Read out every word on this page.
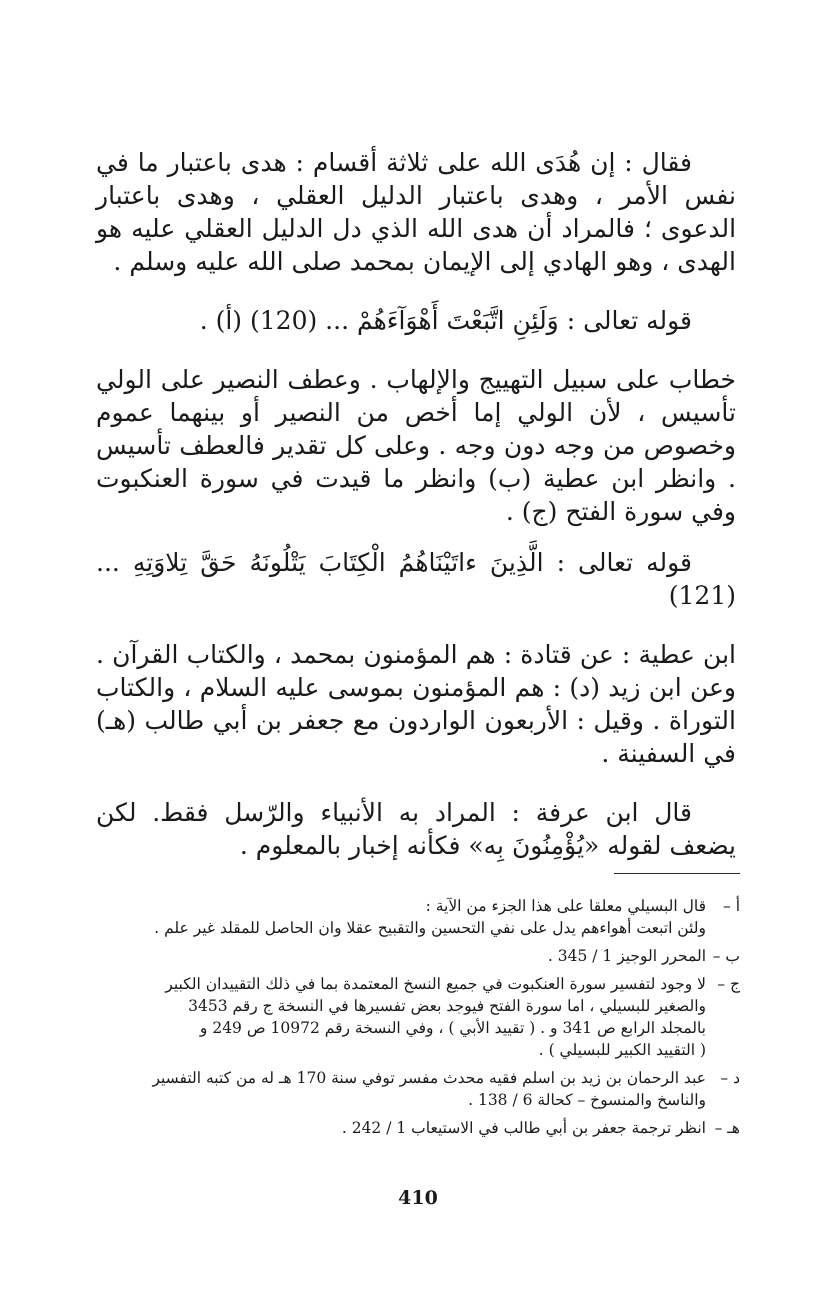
فقال : إن هُدَى الله على ثلاثة أقسام : هدى باعتبار ما في نفس الأمر ، وهدى باعتبار الدليل العقلي ، وهدى باعتبار الدعوى ؛ فالمراد أن هدى الله الذي دل الدليل العقلي عليه هو الهدى ، وهو الهادي إلى الإيمان بمحمد صلى الله عليه وسلم .

قوله تعالى : وَلَئِنِ اتَّبَعْتَ أَهْوَآءَهُمْ ... (120) (أ) .

خطاب على سبيل التهييج والإلهاب . وعطف النصير على الولي تأسيس ، لأن الولي إما أخص من النصير أو بينهما عموم وخصوص من وجه دون وجه . وعلى كل تقدير فالعطف تأسيس . وانظر ابن عطية (ب) وانظر ما قيدت في سورة العنكبوت وفي سورة الفتح (ج) .

قوله تعالى : الَّذِينَ ءاتَيْنَاهُمُ الْكِتَابَ يَتْلُونَهُ حَقَّ تِلاوَتِهِ ... (121)

ابن عطية : عن قتادة : هم المؤمنون بمحمد ، والكتاب القرآن . وعن ابن زيد (د) : هم المؤمنون بموسى عليه السلام ، والكتاب التوراة . وقيل : الأربعون الواردون مع جعفر بن أبي طالب (هـ) في السفينة .

قال ابن عرفة : المراد به الأنبياء والرّسل فقط. لكن يضعف لقوله «يُؤْمِنُونَ بِه» فكأنه إخبار بالمعلوم .

أ –
قال البسيلي معلقا على هذا الجزء من الآية :
ولئن اتبعت أهواءهم يدل على نفي التحسين والتقبيح عقلا وان الحاصل للمقلد غير علم .
ب –
المحرر الوجيز 1 / 345 .
ج –
لا وجود لتفسير سورة العنكبوت في جميع النسخ المعتمدة بما في ذلك التقييدان الكبير
والصغير للبسيلي ، اما سورة الفتح فيوجد بعض تفسيرها في النسخة ج رقم 3453
بالمجلد الرابع ص 341 و . ( تقييد الأبي ) ، وفي النسخة رقم 10972 ص 249 و
( التقييد الكبير للبسيلي ) .
د –
عبد الرحمان بن زيد بن اسلم فقيه محدث مفسر توفي سنة 170 هـ له من كتبه التفسير
والناسخ والمنسوخ – كحالة 6 / 138 .
هـ –
انظر ترجمة جعفر بن أبي طالب في الاستيعاب 1 / 242 .
410
